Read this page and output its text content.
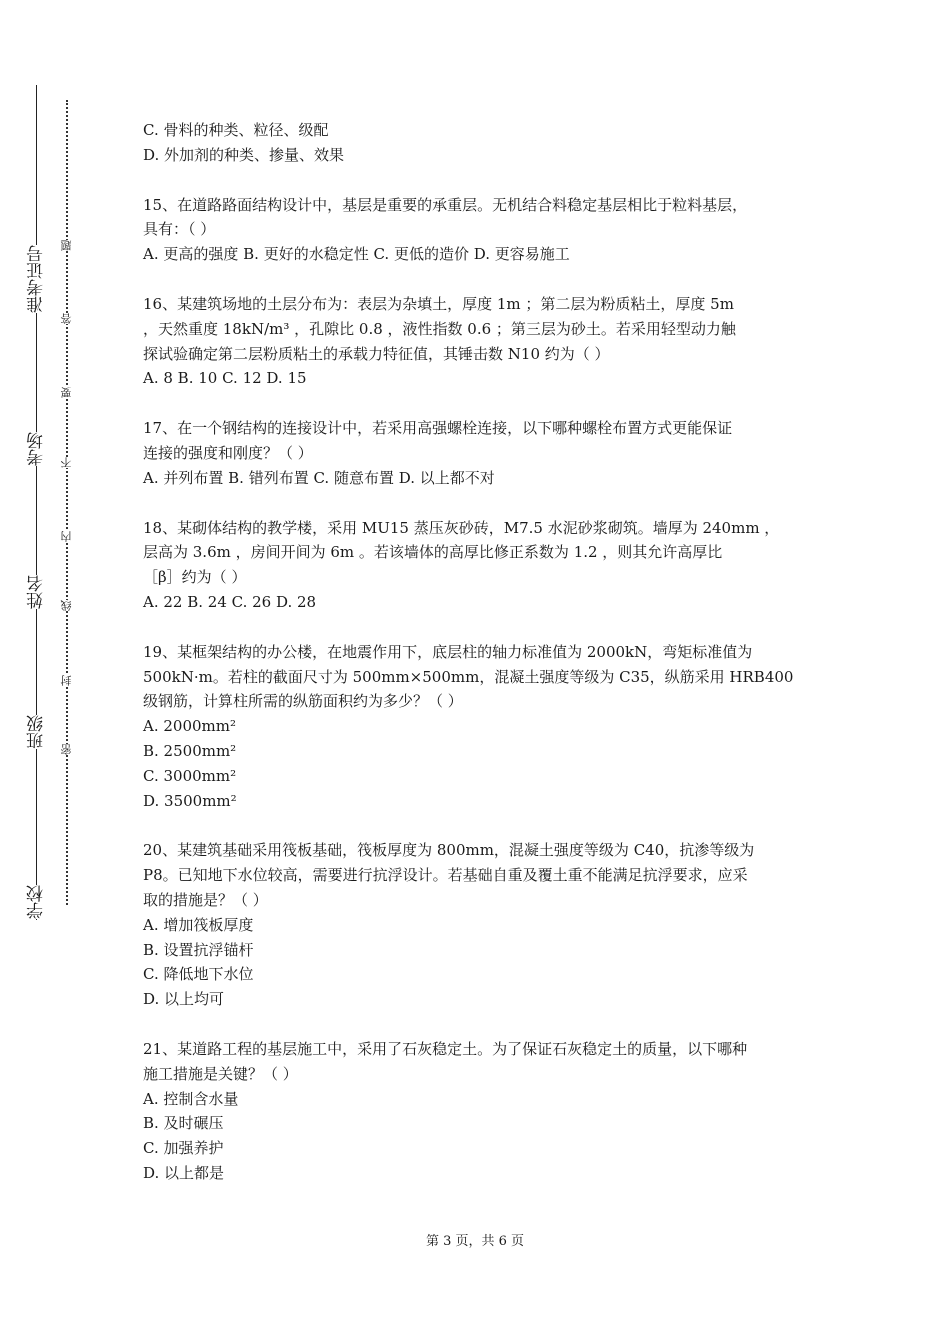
准考证号
考场
姓名
班级
学校
题
答
要
不
内
线
封
密
C. 骨料的种类、粒径、级配
D. 外加剂的种类、掺量、效果
15、在道路路面结构设计中，基层是重要的承重层。无机结合料稳定基层相比于粒料基层，
具有：（ ）
A. 更高的强度 B. 更好的水稳定性 C. 更低的造价 D. 更容易施工
16、某建筑场地的土层分布为：表层为杂填土，厚度 1m ；第二层为粉质粘土，厚度 5m
，天然重度 18kN/m³ ，孔隙比 0.8 ，液性指数 0.6 ；第三层为砂土。若采用轻型动力触
探试验确定第二层粉质粘土的承载力特征值，其锤击数 N10 约为（ ）
A. 8 B. 10 C. 12 D. 15
17、在一个钢结构的连接设计中，若采用高强螺栓连接，以下哪种螺栓布置方式更能保证
连接的强度和刚度？（ ）
A. 并列布置 B. 错列布置 C. 随意布置 D. 以上都不对
18、某砌体结构的教学楼，采用 MU15 蒸压灰砂砖，M7.5 水泥砂浆砌筑。墙厚为 240mm ，
层高为 3.6m ，房间开间为 6m 。若该墙体的高厚比修正系数为 1.2 ，则其允许高厚比
［β］约为（ ）
A. 22 B. 24 C. 26 D. 28
19、某框架结构的办公楼，在地震作用下，底层柱的轴力标准值为 2000kN，弯矩标准值为
500kN·m。若柱的截面尺寸为 500mm×500mm，混凝土强度等级为 C35，纵筋采用 HRB400
级钢筋，计算柱所需的纵筋面积约为多少？（ ）
A. 2000mm²
B. 2500mm²
C. 3000mm²
D. 3500mm²
20、某建筑基础采用筏板基础，筏板厚度为 800mm，混凝土强度等级为 C40，抗渗等级为
P8。已知地下水位较高，需要进行抗浮设计。若基础自重及覆土重不能满足抗浮要求，应采
取的措施是？（ ）
A. 增加筏板厚度
B. 设置抗浮锚杆
C. 降低地下水位
D. 以上均可
21、某道路工程的基层施工中，采用了石灰稳定土。为了保证石灰稳定土的质量，以下哪种
施工措施是关键？（ ）
A. 控制含水量
B. 及时碾压
C. 加强养护
D. 以上都是
第 3 页，共 6 页
